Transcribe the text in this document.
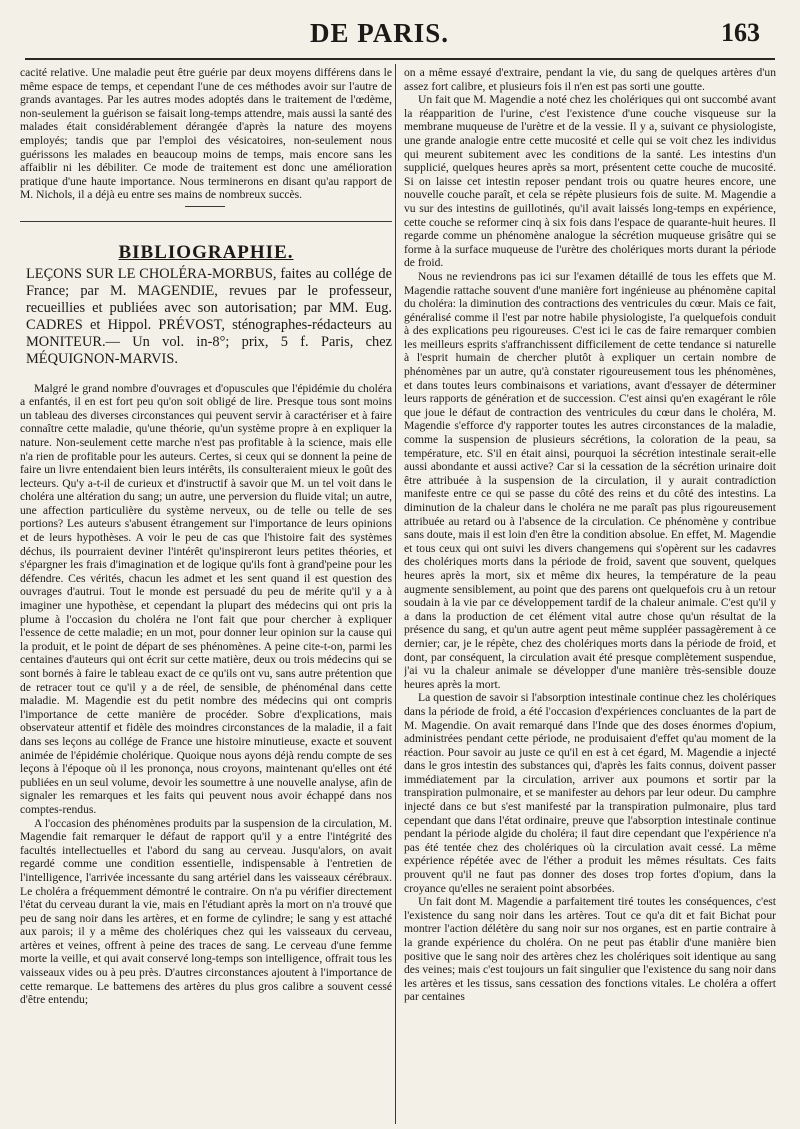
DE PARIS.	163

cacité relative. Une maladie peut être guérie par deux moyens différens dans le même espace de temps, et cependant l'une de ces méthodes avoir sur l'autre de grands avantages. Par les autres modes adoptés dans le traitement de l'œdème, non-seulement la guérison se faisait long-temps attendre, mais aussi la santé des malades était considérablement dérangée d'après la nature des moyens employés; tandis que par l'emploi des vésicatoires, non-seulement nous guérissons les malades en beaucoup moins de temps, mais encore sans les affaiblir ni les débiliter. Ce mode de traitement est donc une amélioration pratique d'une haute importance. Nous terminerons en disant qu'au rapport de M. Nichols, il a déjà eu entre ses mains de nombreux succès.

BIBLIOGRAPHIE.

LEÇONS SUR LE CHOLÉRA-MORBUS, faites au collége de France; par M. MAGENDIE, revues par le professeur, recueillies et publiées avec son autorisation; par MM. Eug. CADRES et Hippol. PRÉVOST, sténographes-rédacteurs au MONITEUR.— Un vol. in-8°; prix, 5 f. Paris, chez MÉQUIGNON-MARVIS.

Malgré le grand nombre d'ouvrages et d'opuscules que l'épidémie du choléra a enfantés, il en est fort peu qu'on soit obligé de lire. Presque tous sont moins un tableau des diverses circonstances qui peuvent servir à caractériser et à faire connaître cette maladie, qu'une théorie, qu'un système propre à en expliquer la nature. Non-seulement cette marche n'est pas profitable à la science, mais elle n'a rien de profitable pour les auteurs. Certes, si ceux qui se donnent la peine de faire un livre entendaient bien leurs intérêts, ils consulteraient mieux le goût des lecteurs. Qu'y a-t-il de curieux et d'instructif à savoir que M. un tel voit dans le choléra une altération du sang; un autre, une perversion du fluide vital; un autre, une affection particulière du système nerveux, ou de telle ou telle de ses portions? Les auteurs s'abusent étrangement sur l'importance de leurs opinions et de leurs hypothèses. A voir le peu de cas que l'histoire fait des systèmes déchus, ils pourraient deviner l'intérêt qu'inspireront leurs petites théories, et s'épargner les frais d'imagination et de logique qu'ils font à grand'peine pour les défendre. Ces vérités, chacun les admet et les sent quand il est question des ouvrages d'autrui. Tout le monde est persuadé du peu de mérite qu'il y a à imaginer une hypothèse, et cependant la plupart des médecins qui ont pris la plume à l'occasion du choléra ne l'ont fait que pour chercher à expliquer l'essence de cette maladie; en un mot, pour donner leur opinion sur la cause qui la produit, et le point de départ de ses phénomènes. A peine cite-t-on, parmi les centaines d'auteurs qui ont écrit sur cette matière, deux ou trois médecins qui se sont bornés à faire le tableau exact de ce qu'ils ont vu, sans autre prétention que de retracer tout ce qu'il y a de réel, de sensible, de phénoménal dans cette maladie. M. Magendie est du petit nombre des médecins qui ont compris l'importance de cette manière de procéder. Sobre d'explications, mais observateur attentif et fidèle des moindres circonstances de la maladie, il a fait dans ses leçons au collége de France une histoire minutieuse, exacte et souvent animée de l'épidémie cholérique. Quoique nous ayons déjà rendu compte de ses leçons à l'époque où il les prononça, nous croyons, maintenant qu'elles ont été publiées en un seul volume, devoir les soumettre à une nouvelle analyse, afin de signaler les remarques et les faits qui peuvent nous avoir échappé dans nos comptes-rendus.

A l'occasion des phénomènes produits par la suspension de la circulation, M. Magendie fait remarquer le défaut de rapport qu'il y a entre l'intégrité des facultés intellectuelles et l'abord du sang au cerveau. Jusqu'alors, on avait regardé comme une condition essentielle, indispensable à l'entretien de l'intelligence, l'arrivée incessante du sang artériel dans les vaisseaux cérébraux. Le choléra a fréquemment démontré le contraire. On n'a pu vérifier directement l'état du cerveau durant la vie, mais en l'étudiant après la mort on n'a trouvé que peu de sang noir dans les artères, et en forme de cylindre; le sang y est attaché aux parois; il y a même des cholériques chez qui les vaisseaux du cerveau, artères et veines, offrent à peine des traces de sang. Le cerveau d'une femme morte la veille, et qui avait conservé long-temps son intelligence, offrait tous les vaisseaux vides ou à peu près. D'autres circonstances ajoutent à l'importance de cette remarque. Le battemens des artères du plus gros calibre a souvent cessé d'être entendu;

on a même essayé d'extraire, pendant la vie, du sang de quelques artères d'un assez fort calibre, et plusieurs fois il n'en est pas sorti une goutte.

Un fait que M. Magendie a noté chez les cholériques qui ont succombé avant la réapparition de l'urine, c'est l'existence d'une couche visqueuse sur la membrane muqueuse de l'urètre et de la vessie. Il y a, suivant ce physiologiste, une grande analogie entre cette mucosité et celle qui se voit chez les individus qui meurent subitement avec les conditions de la santé. Les intestins d'un supplicié, quelques heures après sa mort, présentent cette couche de mucosité. Si on laisse cet intestin reposer pendant trois ou quatre heures encore, une nouvelle couche paraît, et cela se répète plusieurs fois de suite. M. Magendie a vu sur des intestins de guillotinés, qu'il avait laissés long-temps en expérience, cette couche se reformer cinq à six fois dans l'espace de quarante-huit heures. Il regarde comme un phénomène analogue la sécrétion muqueuse grisâtre qui se forme à la surface muqueuse de l'urètre des cholériques morts durant la période de froid.

Nous ne reviendrons pas ici sur l'examen détaillé de tous les effets que M. Magendie rattache souvent d'une manière fort ingénieuse au phénomène capital du choléra: la diminution des contractions des ventricules du cœur. Mais ce fait, généralisé comme il l'est par notre habile physiologiste, l'a quelquefois conduit à des explications peu rigoureuses. C'est ici le cas de faire remarquer combien les meilleurs esprits s'affranchissent difficilement de cette tendance si naturelle à l'esprit humain de chercher plutôt à expliquer un certain nombre de phénomènes par un autre, qu'à constater rigoureusement tous les phénomènes, et dans toutes leurs combinaisons et variations, avant d'essayer de déterminer leurs rapports de génération et de succession. C'est ainsi qu'en exagérant le rôle que joue le défaut de contraction des ventricules du cœur dans le choléra, M. Magendie s'efforce d'y rapporter toutes les autres circonstances de la maladie, comme la suspension de plusieurs sécrétions, la coloration de la peau, sa température, etc. S'il en était ainsi, pourquoi la sécrétion intestinale serait-elle aussi abondante et aussi active? Car si la cessation de la sécrétion urinaire doit être attribuée à la suspension de la circulation, il y aurait contradiction manifeste entre ce qui se passe du côté des reins et du côté des intestins. La diminution de la chaleur dans le choléra ne me paraît pas plus rigoureusement attribuée au retard ou à l'absence de la circulation. Ce phénomène y contribue sans doute, mais il est loin d'en être la condition absolue. En effet, M. Magendie et tous ceux qui ont suivi les divers changemens qui s'opèrent sur les cadavres des cholériques morts dans la période de froid, savent que souvent, quelques heures après la mort, six et même dix heures, la température de la peau augmente sensiblement, au point que des parens ont quelquefois cru à un retour soudain à la vie par ce développement tardif de la chaleur animale. C'est qu'il y a dans la production de cet élément vital autre chose qu'un résultat de la présence du sang, et qu'un autre agent peut même suppléer passagèrement à ce dernier; car, je le répète, chez des cholériques morts dans la période de froid, et dont, par conséquent, la circulation avait été presque complètement suspendue, j'ai vu la chaleur animale se développer d'une manière très-sensible douze heures après la mort.

La question de savoir si l'absorption intestinale continue chez les cholériques dans la période de froid, a été l'occasion d'expériences concluantes de la part de M. Magendie. On avait remarqué dans l'Inde que des doses énormes d'opium, administrées pendant cette période, ne produisaient d'effet qu'au moment de la réaction. Pour savoir au juste ce qu'il en est à cet égard, M. Magendie a injecté dans le gros intestin des substances qui, d'après les faits connus, doivent passer immédiatement par la circulation, arriver aux poumons et sortir par la transpiration pulmonaire, et se manifester au dehors par leur odeur. Du camphre injecté dans ce but s'est manifesté par la transpiration pulmonaire, plus tard cependant que dans l'état ordinaire, preuve que l'absorption intestinale continue pendant la période algide du choléra; il faut dire cependant que l'expérience n'a pas été tentée chez des cholériques où la circulation avait cessé. La même expérience répétée avec de l'éther a produit les mêmes résultats. Ces faits prouvent qu'il ne faut pas donner des doses trop fortes d'opium, dans la croyance qu'elles ne seraient point absorbées.

Un fait dont M. Magendie a parfaitement tiré toutes les conséquences, c'est l'existence du sang noir dans les artères. Tout ce qu'a dit et fait Bichat pour montrer l'action délétère du sang noir sur nos organes, est en partie contraire à la grande expérience du choléra. On ne peut pas établir d'une manière bien positive que le sang noir des artères chez les cholériques soit identique au sang des veines; mais c'est toujours un fait singulier que l'existence du sang noir dans les artères et les tissus, sans cessation des fonctions vitales. Le choléra a offert par centaines
